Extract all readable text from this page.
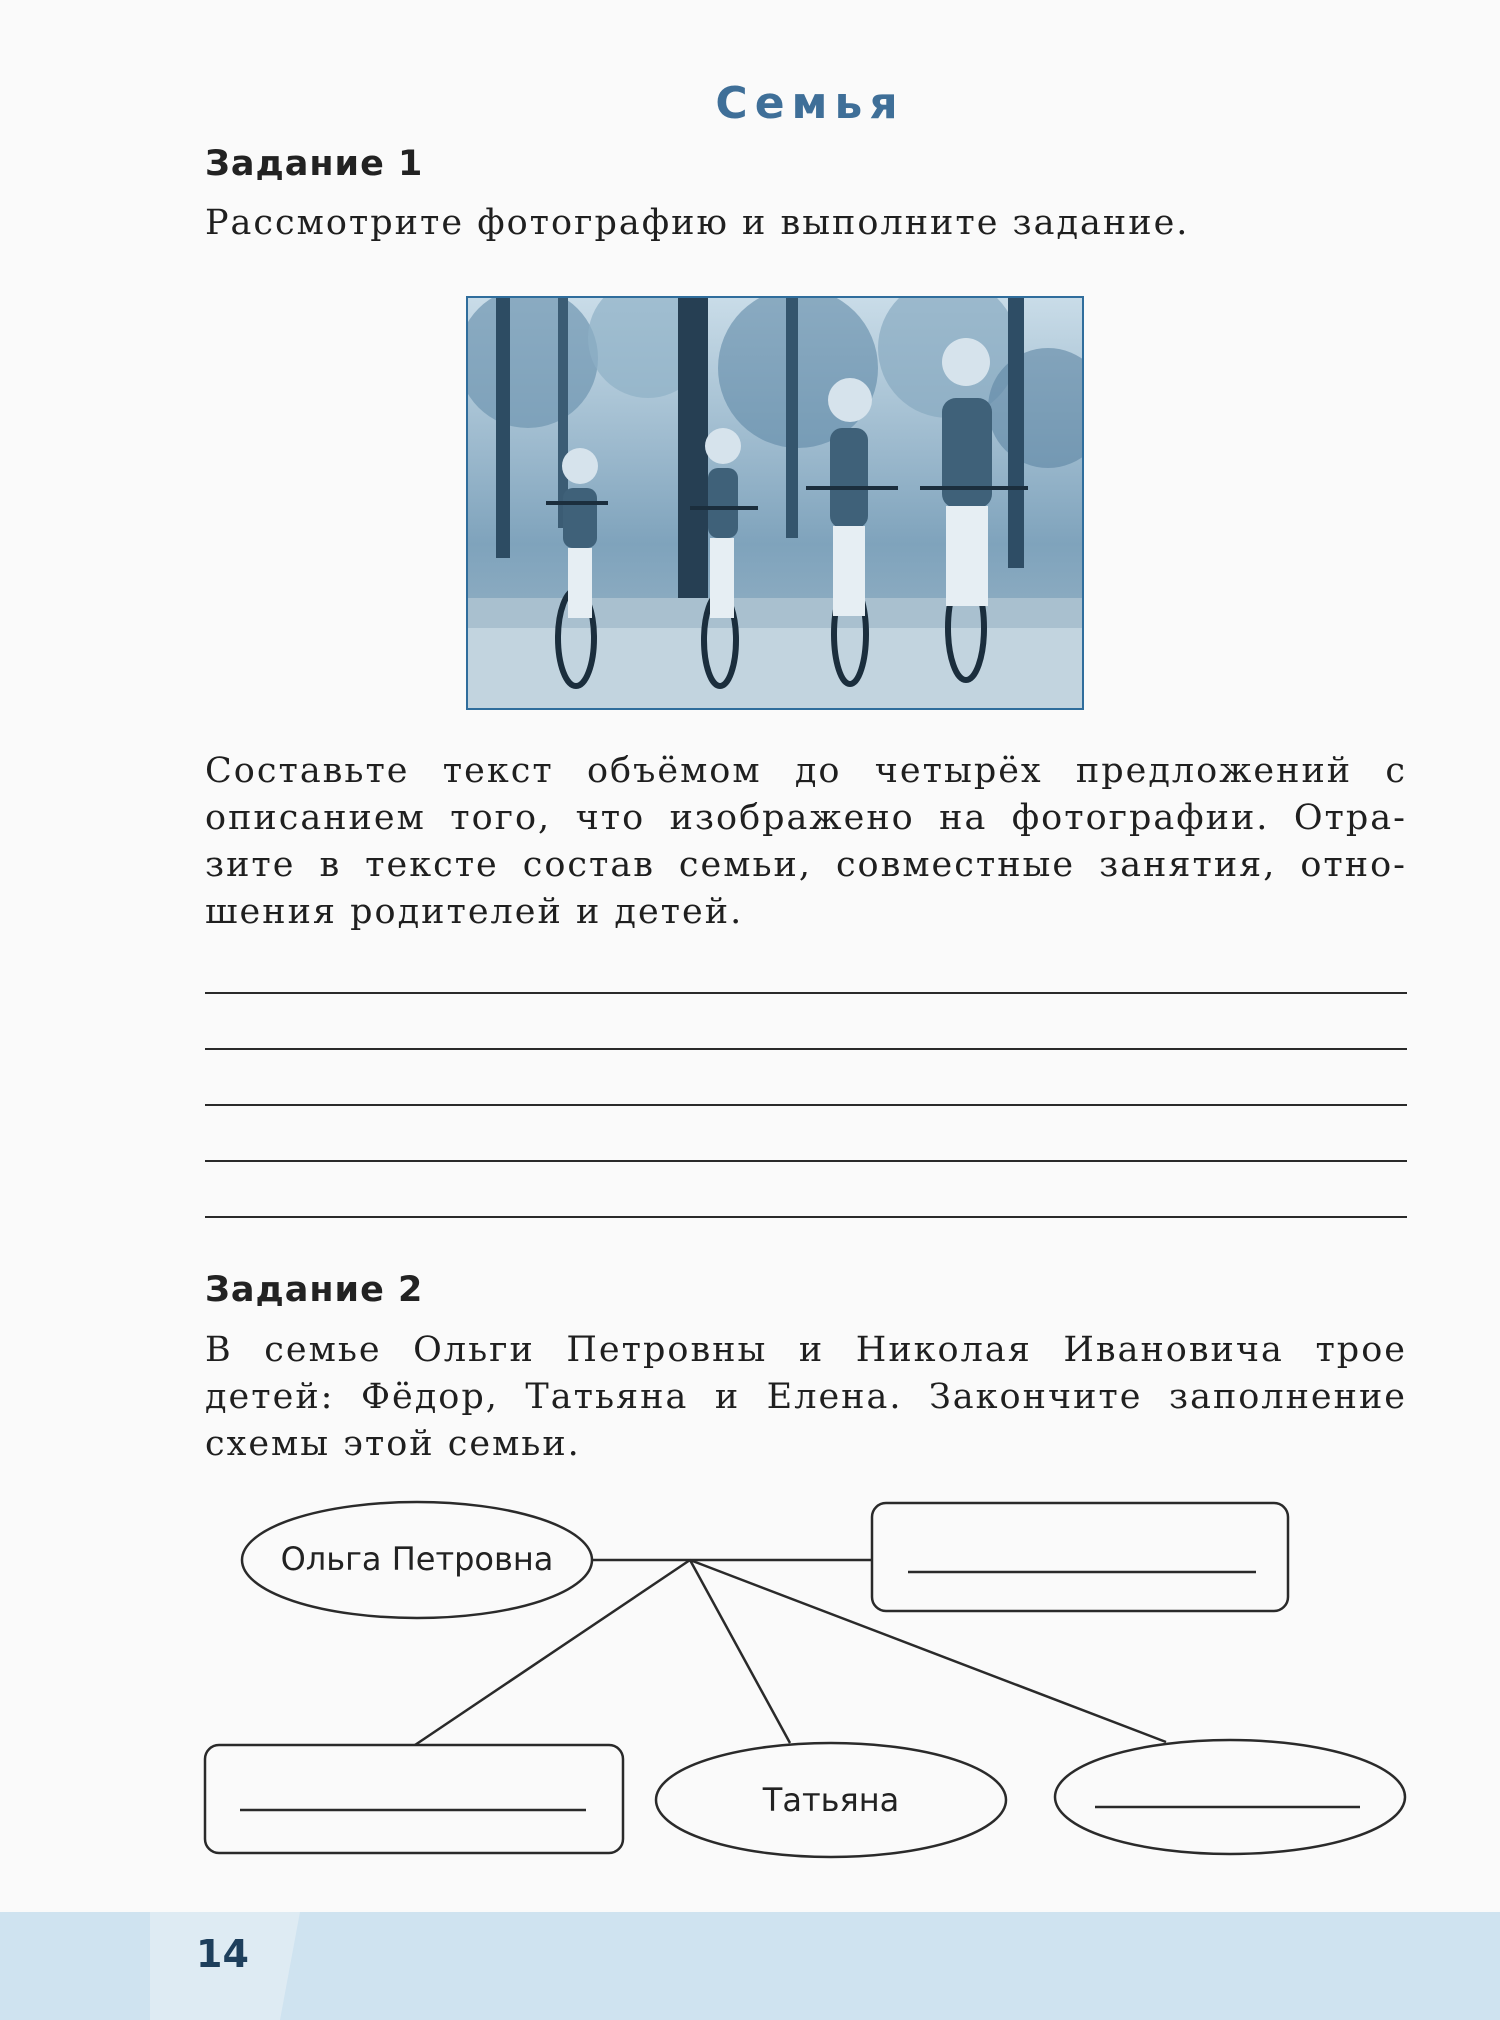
Семья
Задание 1
Рассмотрите фотографию и выполните задание.
Составьте текст объёмом до четырёх предложений с
описанием того, что изображено на фотографии. Отра-
зите в тексте состав семьи, совместные занятия, отно-
шения родителей и детей.
Задание 2
В семье Ольги Петровны и Николая Ивановича трое
детей: Фёдор, Татьяна и Елена. Закончите заполнение
схемы этой семьи.
Ольга Петровна
Татьяна
14
